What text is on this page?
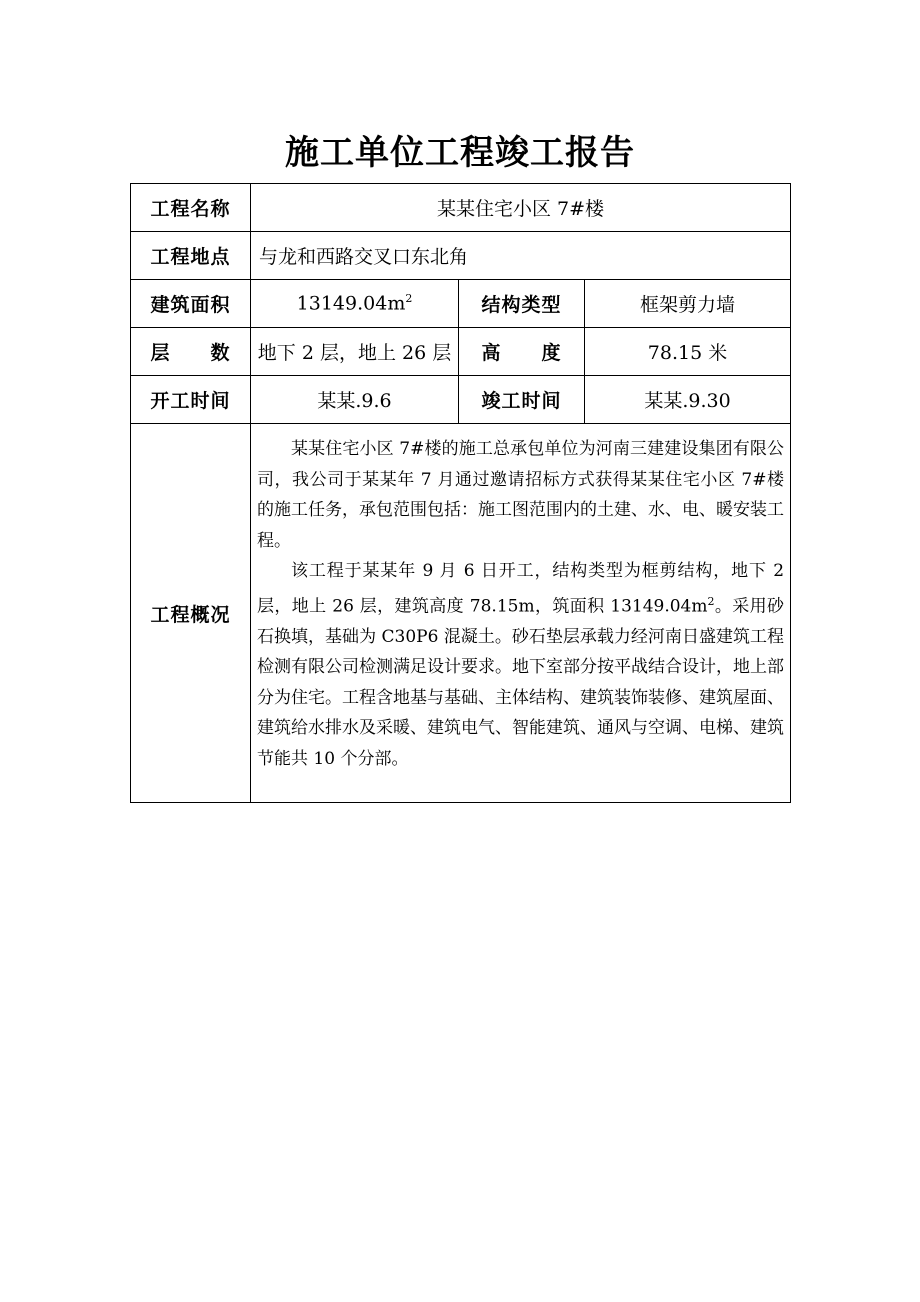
施工单位工程竣工报告
工程名称	某某住宅小区 7#楼		
工程地点	与龙和西路交叉口东北角		
建筑面积	$13149.04m^2$	结构类型	框架剪力墙
层　　数	地下 2 层，地上 26 层	高　　度	78.15 米
开工时间	某某.9.6	竣工时间	某某.9.30
工程概况	某某住宅小区 7#楼的施工总承包单位为河南三建建设集团有限公司，我公司于某某年 7 月通过邀请招标方式获得某某住宅小区 7#楼的施工任务，承包范围包括：施工图范围内的土建、水、电、暖安装工程。

该工程于某某年 9 月 6 日开工，结构类型为框剪结构，地下 2 层，地上 26 层，建筑高度 78.15m，筑面积 $13149.04m^2$。采用砂石换填，基础为 C30P6 混凝土。砂石垫层承载力经河南日盛建筑工程检测有限公司检测满足设计要求。地下室部分按平战结合设计，地上部分为住宅。工程含地基与基础、主体结构、建筑装饰装修、建筑屋面、建筑给水排水及采暖、建筑电气、智能建筑、通风与空调、电梯、建筑节能共 10 个分部。		
